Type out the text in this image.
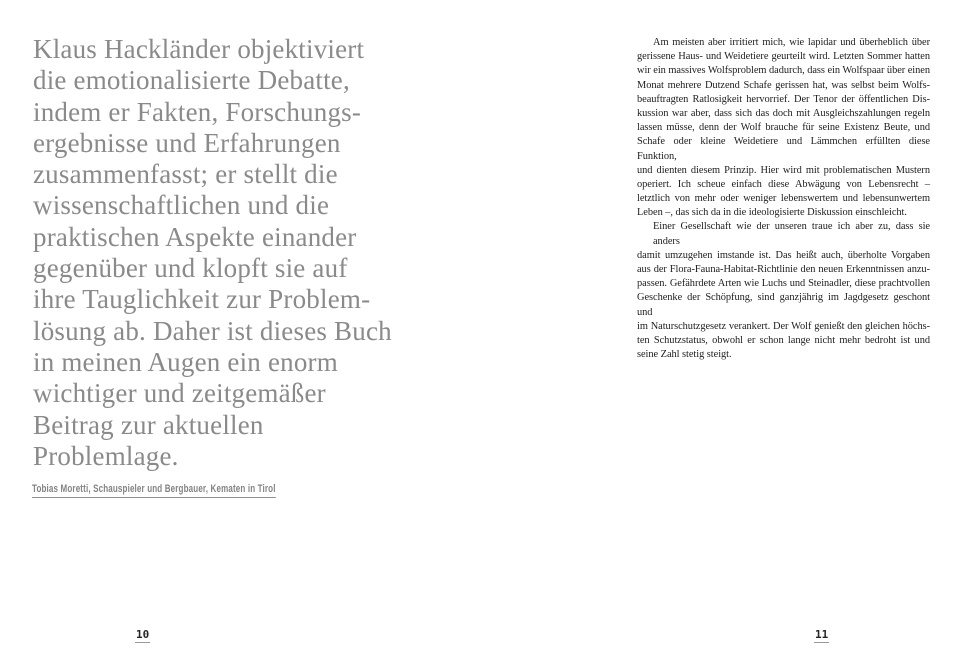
Klaus Hackländer objektiviert
die emotionalisierte Debatte,
indem er Fakten, Forschungs-
ergebnisse und Erfahrungen
zusammenfasst; er stellt die
wissenschaftlichen und die
praktischen Aspekte einander
gegenüber und klopft sie auf
ihre Tauglichkeit zur Problem-
lösung ab. Daher ist dieses Buch
in meinen Augen ein enorm
wichtiger und zeitgemäßer
Beitrag zur aktuellen
Problemlage.
Tobias Moretti, Schauspieler und Bergbauer, Kematen in Tirol
10
Am meisten aber irritiert mich, wie lapidar und überheblich über
gerissene Haus- und Weidetiere geurteilt wird. Letzten Sommer hatten
wir ein massives Wolfsproblem dadurch, dass ein Wolfspaar über einen
Monat mehrere Dutzend Schafe gerissen hat, was selbst beim Wolfs-
beauftragten Ratlosigkeit hervorrief. Der Tenor der öffentlichen Dis-
kussion war aber, dass sich das doch mit Ausgleichszahlungen regeln
lassen müsse, denn der Wolf brauche für seine Existenz Beute, und
Schafe oder kleine Weidetiere und Lämmchen erfüllten diese Funktion,
und dienten diesem Prinzip. Hier wird mit problematischen Mustern
operiert. Ich scheue einfach diese Abwägung von Lebensrecht –
letztlich von mehr oder weniger lebenswertem und lebensunwertem
Leben –, das sich da in die ideologisierte Diskussion einschleicht.
Einer Gesellschaft wie der unseren traue ich aber zu, dass sie anders
damit umzugehen imstande ist. Das heißt auch, überholte Vorgaben
aus der Flora-Fauna-Habitat-Richtlinie den neuen Erkenntnissen anzu-
passen. Gefährdete Arten wie Luchs und Steinadler, diese prachtvollen
Geschenke der Schöpfung, sind ganzjährig im Jagdgesetz geschont und
im Naturschutzgesetz verankert. Der Wolf genießt den gleichen höchs-
ten Schutzstatus, obwohl er schon lange nicht mehr bedroht ist und
seine Zahl stetig steigt.
11
